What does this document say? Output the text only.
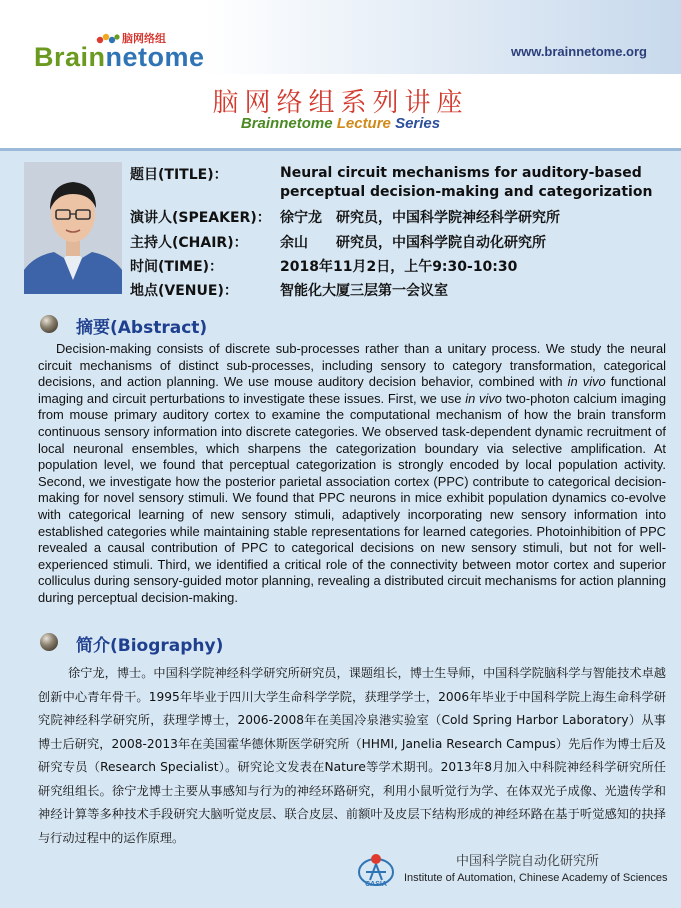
脑网络组
Brainnetome	www.brainnetome.org
脑网络组系列讲座
Brainnetome Lecture Series
题目(TITLE)：	Neural circuit mechanisms for auditory-based perceptual decision-making and categorization
演讲人(SPEAKER)： 徐宁龙　研究员，中国科学院神经科学研究所
主持人(CHAIR)： 余山　　研究员，中国科学院自动化研究所
时间(TIME)：	2018年11月2日，上午9:30-10:30
地点(VENUE)：	智能化大厦三层第一会议室
摘要(Abstract)

Decision-making consists of discrete sub-processes rather than a unitary process. We study the neural circuit mechanisms of distinct sub-processes, including sensory to category transformation, categorical decisions, and action planning. We use mouse auditory decision behavior, combined with in vivo functional imaging and circuit perturbations to investigate these issues. First, we use in vivo two-photon calcium imaging from mouse primary auditory cortex to examine the computational mechanism of how the brain transform continuous sensory information into discrete categories. We observed task-dependent dynamic recruitment of local neuronal ensembles, which sharpens the categorization boundary via selective amplification. At population level, we found that perceptual categorization is strongly encoded by local population activity. Second, we investigate how the posterior parietal association cortex (PPC) contribute to categorical decision-making for novel sensory stimuli. We found that PPC neurons in mice exhibit population dynamics co-evolve with categorical learning of new sensory stimuli, adaptively incorporating new sensory information into established categories while maintaining stable representations for learned categories. Photoinhibition of PPC revealed a causal contribution of PPC to categorical decisions on new sensory stimuli, but not for well-experienced stimuli. Third, we identified a critical role of the connectivity between motor cortex and superior colliculus during sensory-guided motor planning, revealing a distributed circuit mechanisms for action planning during perceptual decision-making.

简介(Biography)

徐宁龙，博士。中国科学院神经科学研究所研究员，课题组长，博士生导师，中国科学院脑科学与智能技术卓越创新中心青年骨干。1995年毕业于四川大学生命科学学院，获理学学士，2006年毕业于中国科学院上海生命科学研究院神经科学研究所，获理学博士，2006-2008年在美国冷泉港实验室（Cold Spring Harbor Laboratory）从事博士后研究，2008-2013年在美国霍华德休斯医学研究所（HHMI, Janelia Research Campus）先后作为博士后及研究专员（Research Specialist）。研究论文发表在Nature等学术期刊。2013年8月加入中科院神经科学研究所任研究组组长。徐宁龙博士主要从事感知与行为的神经环路研究，利用小鼠听觉行为学、在体双光子成像、光遗传学和神经计算等多种技术手段研究大脑听觉皮层、联合皮层、前额叶及皮层下结构形成的神经环路在基于听觉感知的抉择与行动过程中的运作原理。

CASIA
中国科学院自动化研究所
Institute of Automation, Chinese Academy of Sciences
